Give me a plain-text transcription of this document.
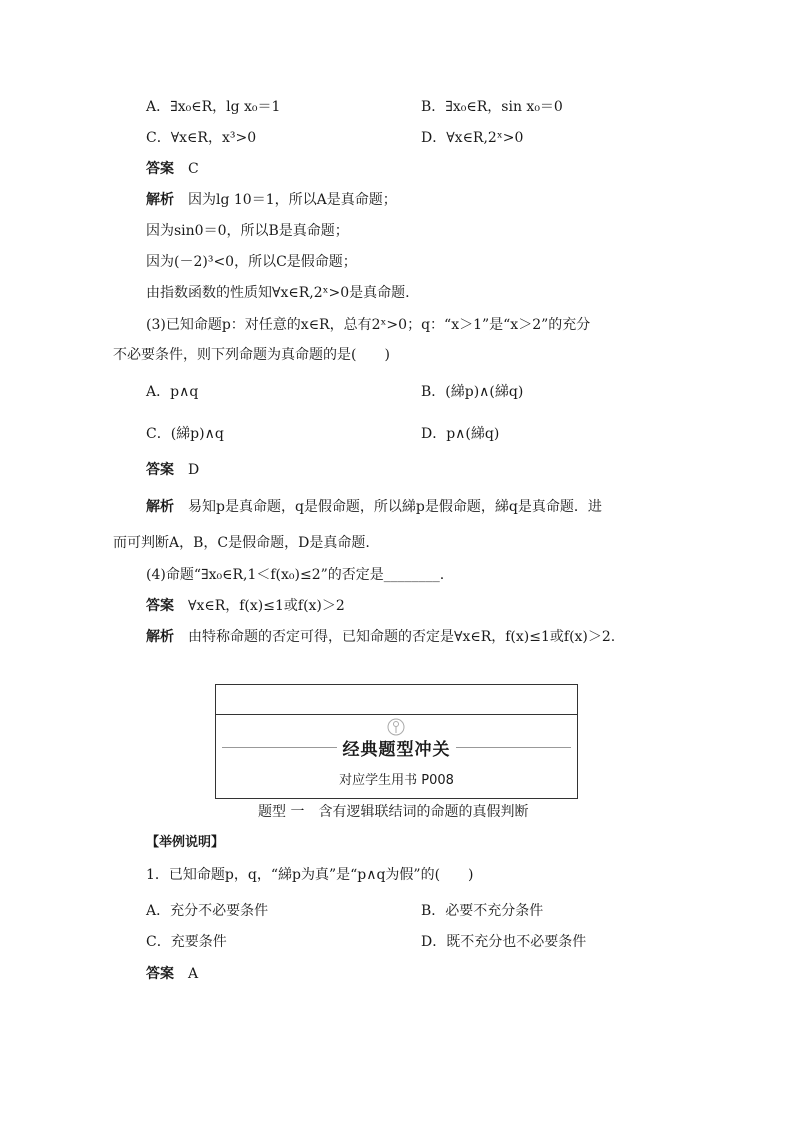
A．∃x₀∈R，lg x₀＝1	B．∃x₀∈R，sin x₀＝0
C．∀x∈R，x³>0	D．∀x∈R,2ˣ>0
答案 C
解析 因为lg 10＝1，所以A是真命题；
因为sin0＝0，所以B是真命题；
因为(－2)³<0，所以C是假命题；
由指数函数的性质知∀x∈R,2ˣ>0是真命题.
(3)已知命题p：对任意的x∈R，总有2ˣ>0；q：“x＞1”是“x＞2”的充分
不必要条件，则下列命题为真命题的是(　　)
A．p∧q	B．(綈p)∧(綈q)
C．(綈p)∧q	D．p∧(綈q)
答案 D
解析 易知p是真命题，q是假命题，所以綈p是假命题，綈q是真命题．进
而可判断A，B，C是假命题，D是真命题.
(4)命题“∃x₀∈R,1＜f(x₀)≤2”的否定是________.
答案 ∀x∈R，f(x)≤1或f(x)＞2
解析 由特称命题的否定可得，已知命题的否定是∀x∈R，f(x)≤1或f(x)＞2.
经典题型冲关
对应学生用书 P008
题型 一　含有逻辑联结词的命题的真假判断
【举例说明】
1．已知命题p，q，“綈p为真”是“p∧q为假”的(　　)
A．充分不必要条件	B．必要不充分条件
C．充要条件	D．既不充分也不必要条件
答案 A
